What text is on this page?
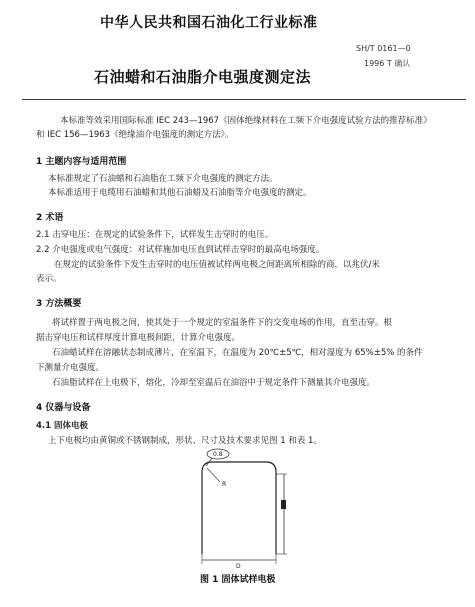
中华人民共和国石油化工行业标准
SH/T 0161—0
1996 T 确认
石油蜡和石油脂介电强度测定法
本标准等效采用国际标准 IEC 243—1967《固体绝缘材料在工频下介电强度试验方法的推荐标准》
和 IEC 156—1963《绝缘油介电强度的测定方法》。
1 主题内容与适用范围
本标准规定了石油蜡和石油脂在工频下介电强度的测定方法。
本标准适用于电缆用石油蜡和其他石油蜡及石油脂等介电强度的测定。
2 术语
2.1 击穿电压：在规定的试验条件下，试样发生击穿时的电压。
2.2 介电强度或电气强度：对试样施加电压直到试样击穿时的最高电场强度。
在规定的试验条件下发生击穿时的电压值被试样两电极之间距离所相除的商，以兆伏/米
表示。
3 方法概要
将试样置于两电极之间，使其处于一个规定的室温条件下的交变电场的作用，直至击穿。根
据击穿电压和试样厚度计算电极间距，计算介电强度。
石油蜡试样在溶融状态制成薄片，在室温下，在温度为 20℃±5℃，相对湿度为 65%±5% 的条件
下测量介电强度。
石油脂试样在上电极下，熔化，冷却至室温后在油浴中于规定条件下测量其介电强度。
4 仪器与设备
4.1 固体电极
上下电极均由黄铜或不锈钢制成，形状、尺寸及技术要求见图 1 和表 1。
0.8
R
D
图 1 固体试样电极
